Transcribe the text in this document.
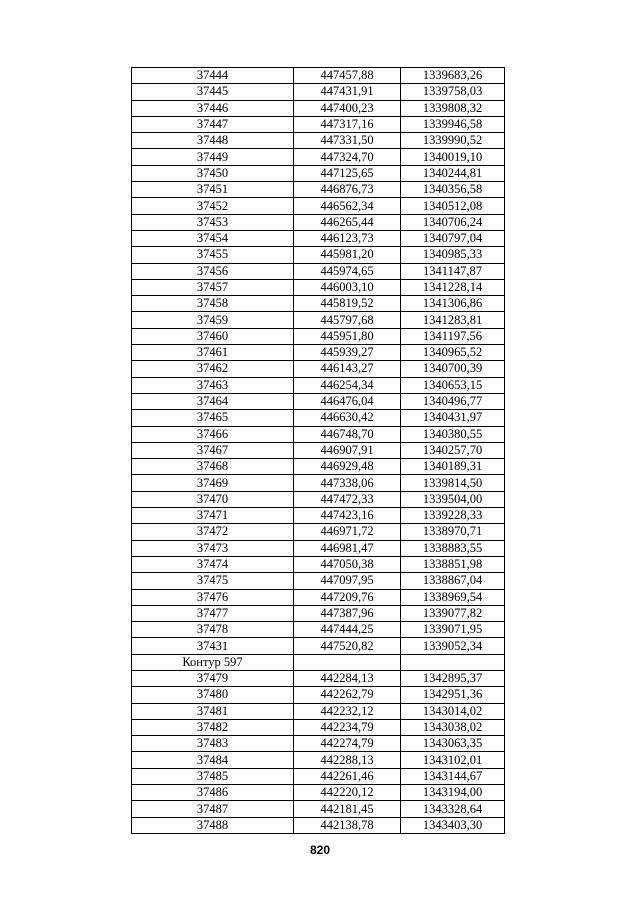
37444	447457,88	1339683,26
37445	447431,91	1339758,03
37446	447400,23	1339808,32
37447	447317,16	1339946,58
37448	447331,50	1339990,52
37449	447324,70	1340019,10
37450	447125,65	1340244,81
37451	446876,73	1340356,58
37452	446562,34	1340512,08
37453	446265,44	1340706,24
37454	446123,73	1340797,04
37455	445981,20	1340985,33
37456	445974,65	1341147,87
37457	446003,10	1341228,14
37458	445819,52	1341306,86
37459	445797,68	1341283,81
37460	445951,80	1341197,56
37461	445939,27	1340965,52
37462	446143,27	1340700,39
37463	446254,34	1340653,15
37464	446476,04	1340496,77
37465	446630,42	1340431,97
37466	446748,70	1340380,55
37467	446907,91	1340257,70
37468	446929,48	1340189,31
37469	447338,06	1339814,50
37470	447472,33	1339504,00
37471	447423,16	1339228,33
37472	446971,72	1338970,71
37473	446981,47	1338883,55
37474	447050,38	1338851,98
37475	447097,95	1338867,04
37476	447209,76	1338969,54
37477	447387,96	1339077,82
37478	447444,25	1339071,95
37431	447520,82	1339052,34
Контур 597		
37479	442284,13	1342895,37
37480	442262,79	1342951,36
37481	442232,12	1343014,02
37482	442234,79	1343038,02
37483	442274,79	1343063,35
37484	442288,13	1343102,01
37485	442261,46	1343144,67
37486	442220,12	1343194,00
37487	442181,45	1343328,64
37488	442138,78	1343403,30
820
